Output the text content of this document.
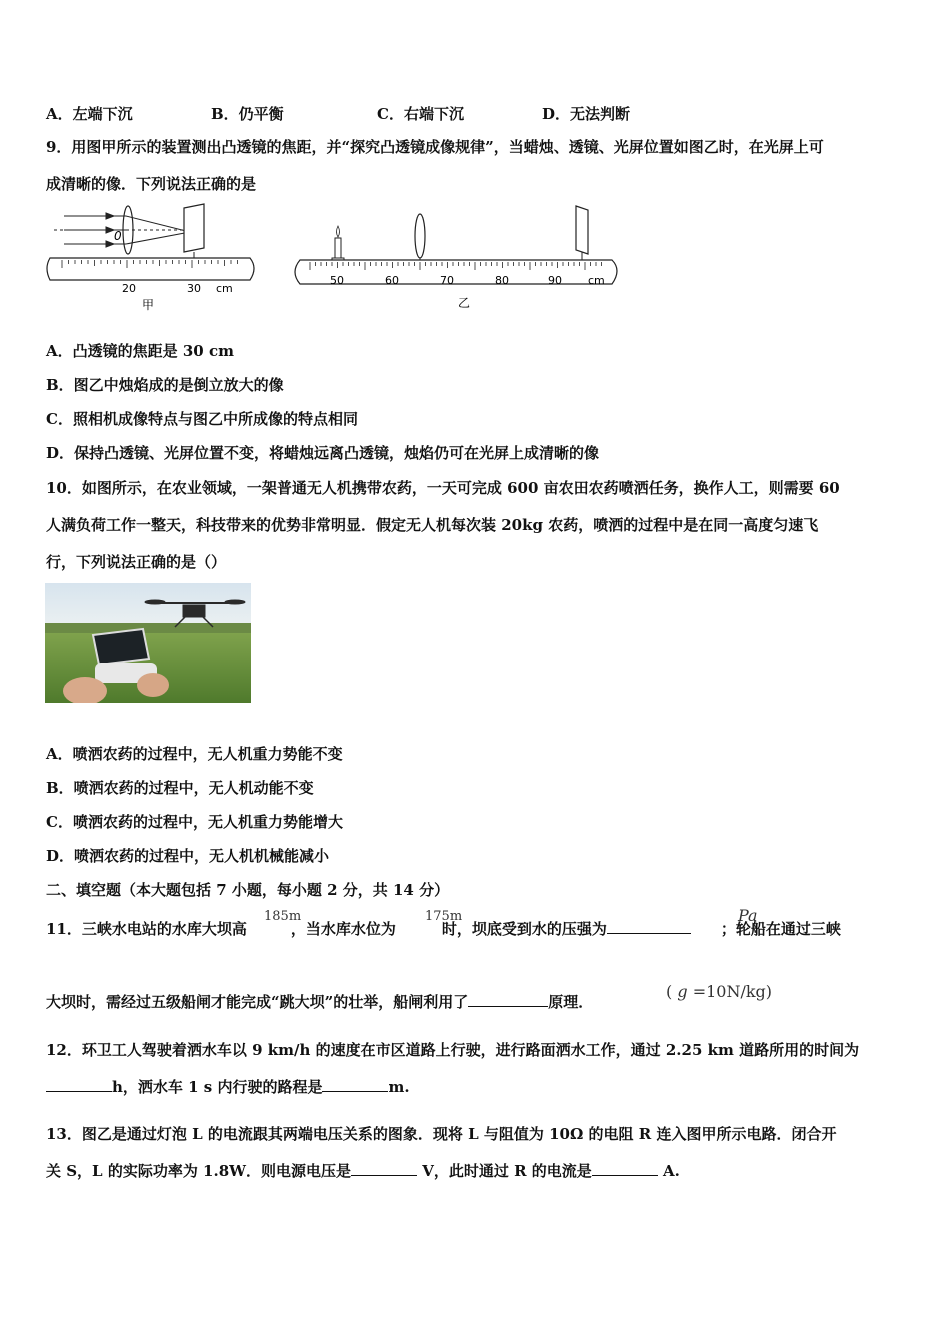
A．左端下沉	B．仍平衡	C．右端下沉	D．无法判断
9．用图甲所示的装置测出凸透镜的焦距，并“探究凸透镜成像规律”，当蜡烛、透镜、光屏位置如图乙时，在光屏上可
成清晰的像．下列说法正确的是
0
20	30 cm
甲
50	60	70	80	90 cm
乙
A．凸透镜的焦距是 30 cm
B．图乙中烛焰成的是倒立放大的像
C．照相机成像特点与图乙中所成像的特点相同
D．保持凸透镜、光屏位置不变，将蜡烛远离凸透镜，烛焰仍可在光屏上成清晰的像
10．如图所示，在农业领域，一架普通无人机携带农药，一天可完成 600 亩农田农药喷洒任务，换作人工，则需要 60
人满负荷工作一整天，科技带来的优势非常明显．假定无人机每次装 20kg 农药，喷洒的过程中是在同一高度匀速飞
行，下列说法正确的是（）
A．喷洒农药的过程中，无人机重力势能不变
B．喷洒农药的过程中，无人机动能不变
C．喷洒农药的过程中，无人机重力势能增大
D．喷洒农药的过程中，无人机机械能减小
二、填空题（本大题包括 7 小题，每小题 2 分，共 14 分）
11．三峡水电站的水库大坝高	，当水库水位为	时，坝底受到水的压强为	；轮船在通过三峡
185m	175m	Pa
大坝时，需经过五级船闸才能完成“跳大坝”的壮举，船闸利用了	原理．
( g =10N/kg)
12．环卫工人驾驶着洒水车以 9 km/h 的速度在市区道路上行驶，进行路面洒水工作，通过 2.25 km 道路所用的时间为
h，洒水车 1 s 内行驶的路程是	m.
13．图乙是通过灯泡 L 的电流跟其两端电压关系的图象．现将 L 与阻值为 10Ω 的电阻 R 连入图甲所示电路．闭合开
关 S，L 的实际功率为 1.8W．则电源电压是	V，此时通过 R 的电流是	A.
